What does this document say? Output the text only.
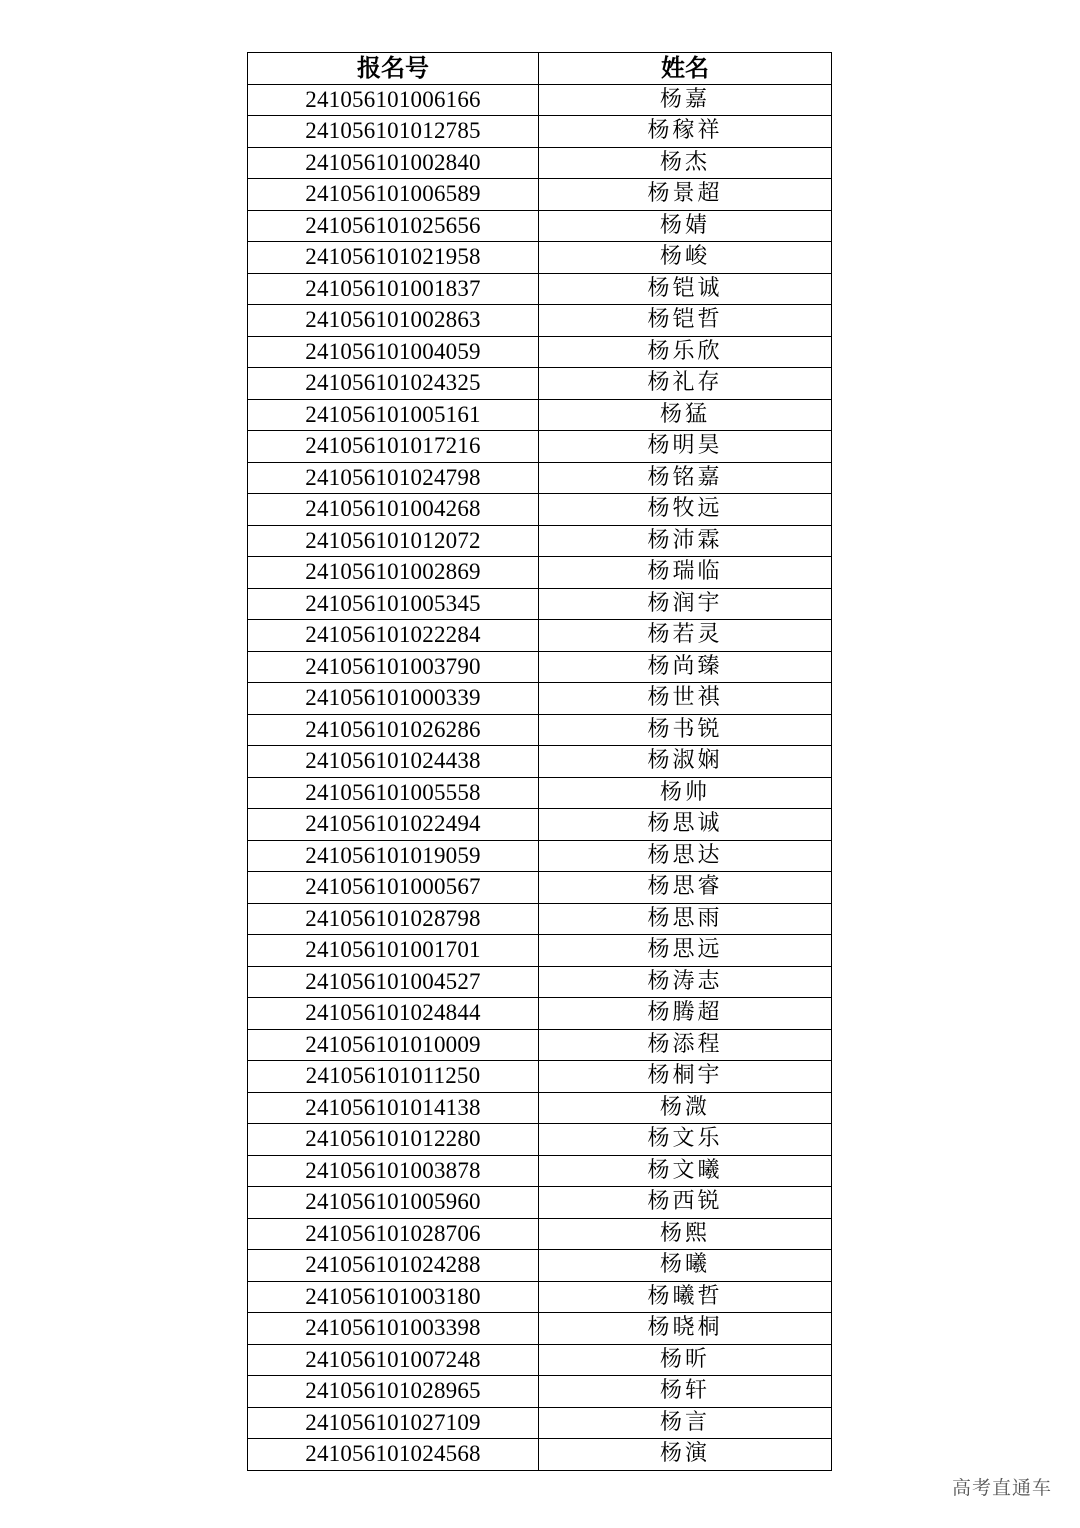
报名号	姓名
241056101006166	杨嘉
241056101012785	杨稼祥
241056101002840	杨杰
241056101006589	杨景超
241056101025656	杨婧
241056101021958	杨峻
241056101001837	杨铠诚
241056101002863	杨铠哲
241056101004059	杨乐欣
241056101024325	杨礼存
241056101005161	杨猛
241056101017216	杨明昊
241056101024798	杨铭嘉
241056101004268	杨牧远
241056101012072	杨沛霖
241056101002869	杨瑞临
241056101005345	杨润宇
241056101022284	杨若灵
241056101003790	杨尚臻
241056101000339	杨世祺
241056101026286	杨书锐
241056101024438	杨淑娴
241056101005558	杨帅
241056101022494	杨思诚
241056101019059	杨思达
241056101000567	杨思睿
241056101028798	杨思雨
241056101001701	杨思远
241056101004527	杨涛志
241056101024844	杨腾超
241056101010009	杨添程
241056101011250	杨桐宇
241056101014138	杨溦
241056101012280	杨文乐
241056101003878	杨文曦
241056101005960	杨西锐
241056101028706	杨熙
241056101024288	杨曦
241056101003180	杨曦哲
241056101003398	杨晓桐
241056101007248	杨昕
241056101028965	杨轩
241056101027109	杨言
241056101024568	杨演
高考直通车
